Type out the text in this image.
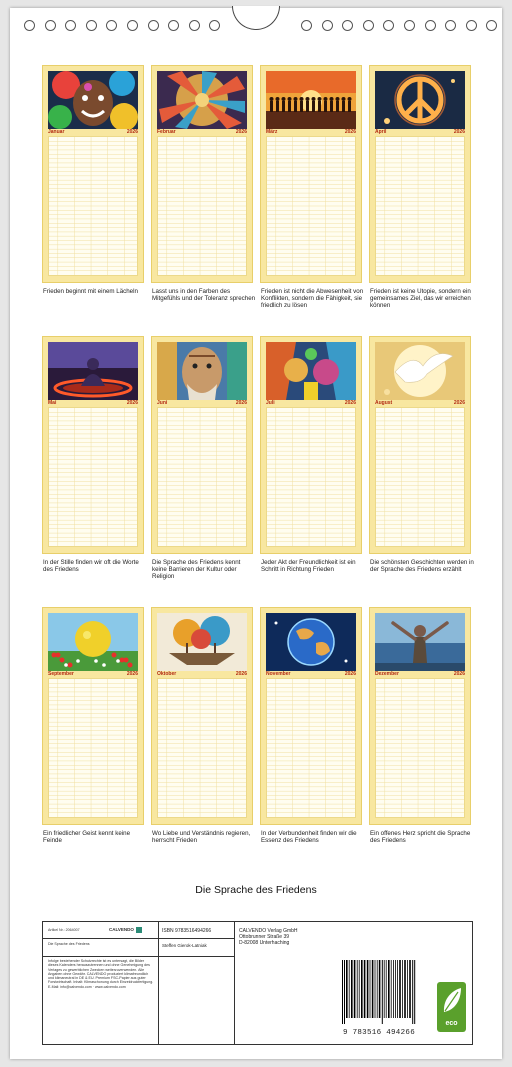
Januar	2026
Frieden beginnt mit einem Lächeln
Februar	2026
Lasst uns in den Farben des Mitgefühls und der Toleranz sprechen
März	2026
Frieden ist nicht die Abwesenheit von Konflikten, sondern die Fähigkeit, sie friedlich zu lösen
April	2026
Frieden ist keine Utopie, sondern ein gemeinsames Ziel, das wir erreichen können
Mai	2026
In der Stille finden wir oft die Worte des Friedens
Juni	2026
Die Sprache des Friedens kennt keine Barrieren der Kultur oder Religion
Juli	2026
Jeder Akt der Freundlichkeit ist ein Schritt in Richtung Frieden
August	2026
Die schönsten Geschichten werden in der Sprache des Friedens erzählt
September	2026
Ein friedlicher Geist kennt keine Feinde
Oktober	2026
Wo Liebe und Verständnis regieren, herrscht Frieden
November	2026
In der Verbundenheit finden wir die Essenz des Friedens
Dezember	2026
Ein offenes Herz spricht die Sprache des Friedens
Die Sprache des Friedens
Artikel Nr.: 2064007	CALVENDO
Die Sprache des Friedens
Infolge bestehender Schutzrechte ist es untersagt, die Bilder dieses Kalenders herauszutrennen und ohne Genehmigung des Verlages zu gewerblichen Zwecken weiterzuverwenden. Alle Angaben ohne Gewähr. CALVENDO produziert klimafreundlich und klimaneutral in DE & EU. Premium FSC-Papier aus guter Forstwirtschaft. Inhalt: Klimaschonung durch Einzeldruckfertigung. E-Mail: info@calvendo.com · www.calvendo.com
ISBN 9783516494266
Steffen Gierok-Latniak
CALVENDO Verlag GmbH
Ottobrunner Straße 39
D-82008 Unterhaching
9 783516 494266
eco
